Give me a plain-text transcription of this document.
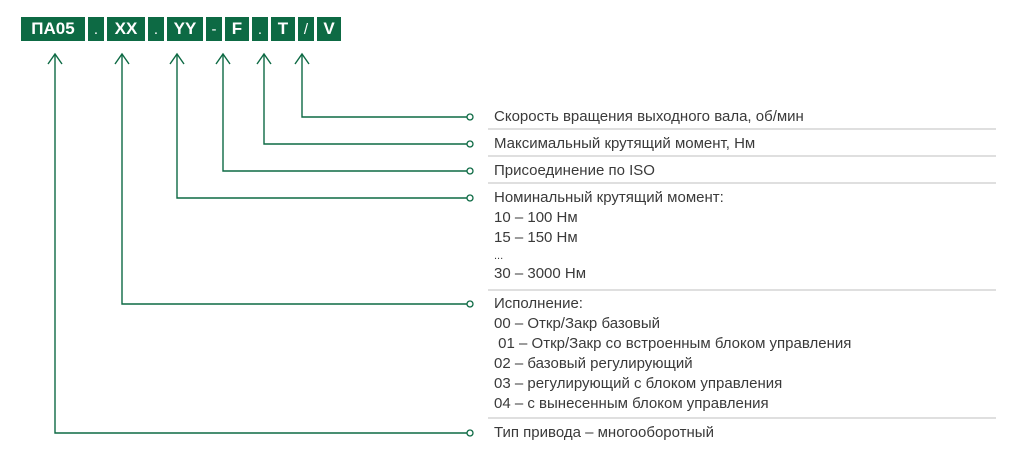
ПА05	. XX	. YY	- F	. T	/ V
Скорость вращения выходного вала, об/мин
Максимальный крутящий момент, Нм
Присоединение по ISO
Номинальный крутящий момент:
10 – 100 Нм
15 – 150 Нм
...
30 – 3000 Нм
Исполнение:
00 – Откр/Закр базовый
01 – Откр/Закр со встроенным блоком управления
02 – базовый регулирующий
03 – регулирующий с блоком управления
04 – с вынесенным блоком управления
Тип привода – многооборотный
